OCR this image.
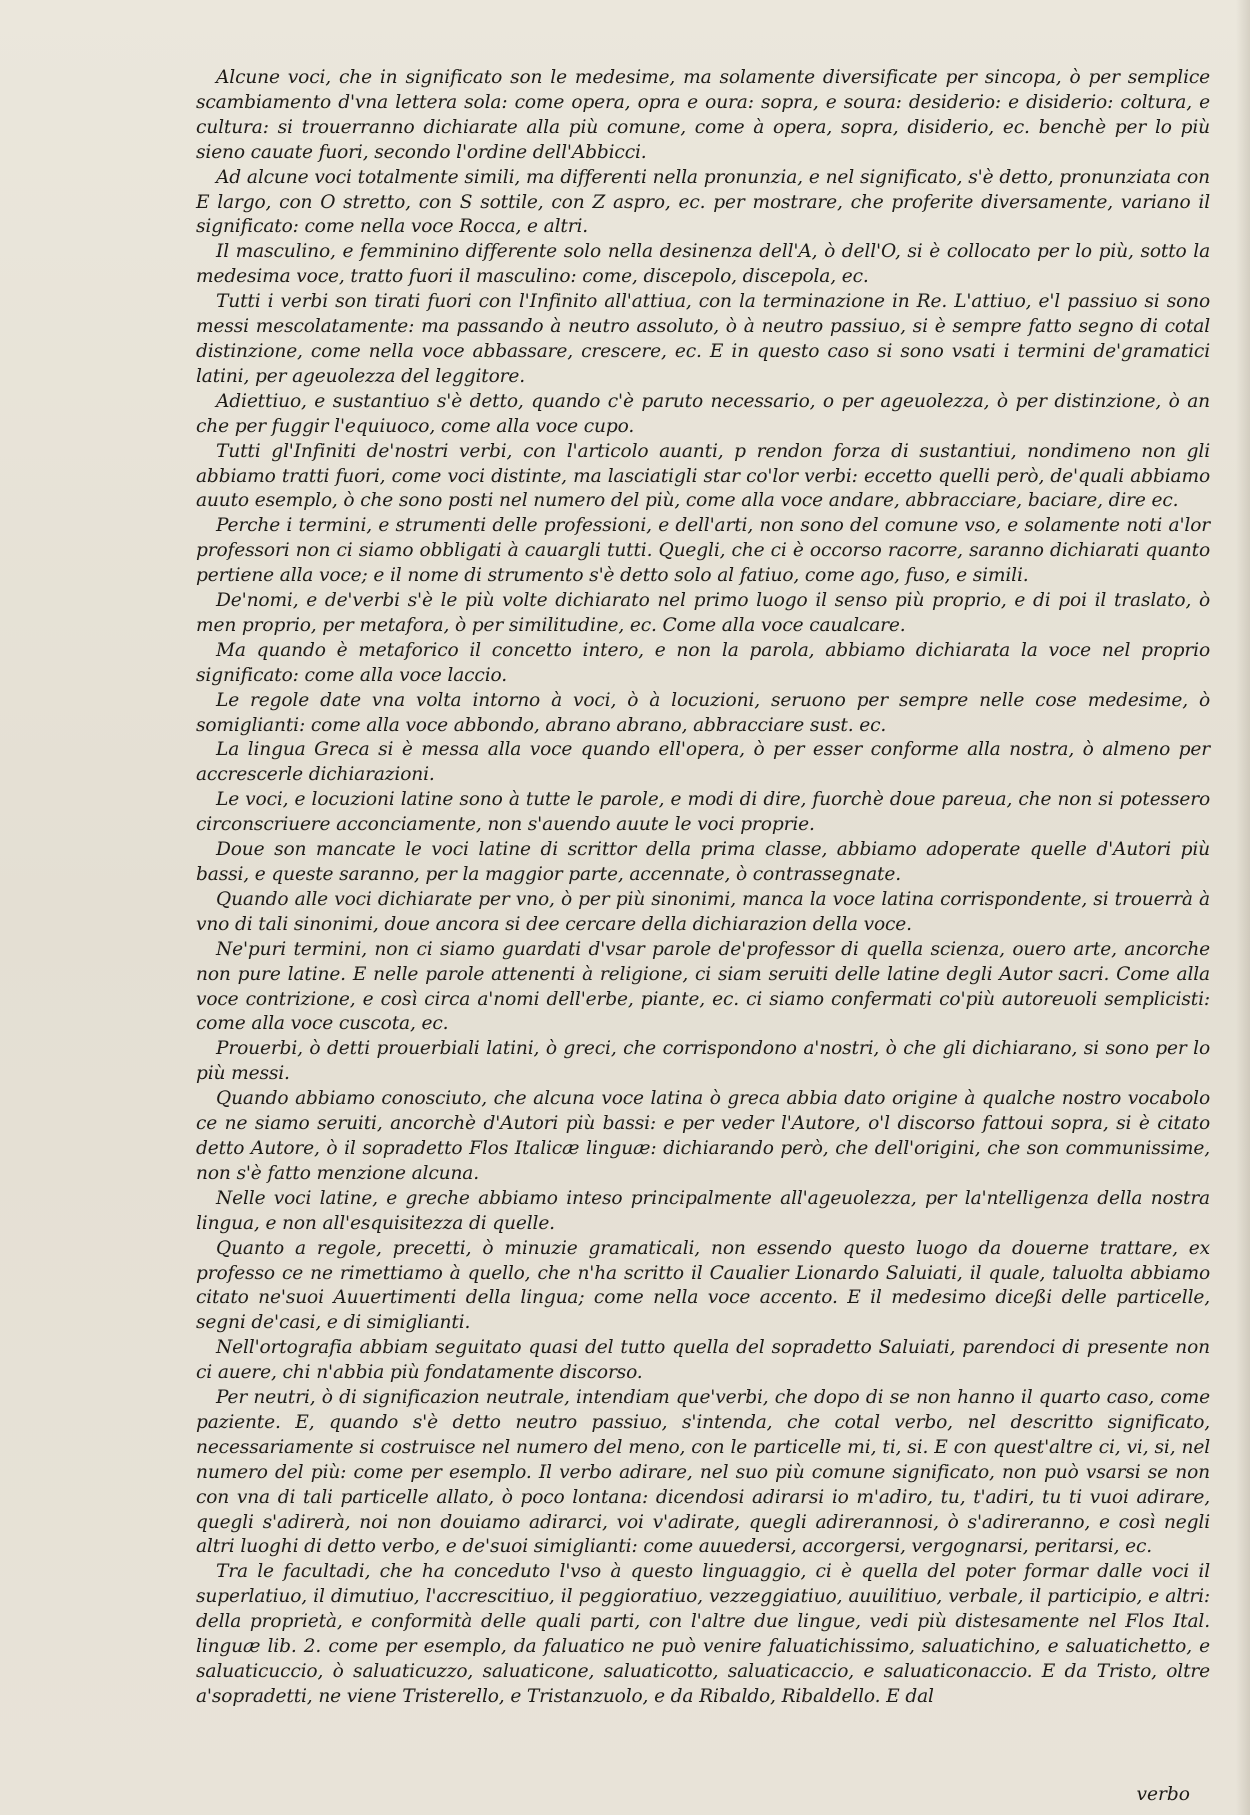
Alcune voci, che in significato son le medesime, ma solamente diversificate per sincopa, ò per semplice scambiamento d'vna lettera sola: come opera, opra e oura: sopra, e soura: desiderio: e disiderio: coltura, e cultura: si trouerranno dichiarate alla più comune, come à opera, sopra, disiderio, ec. benchè per lo più sieno cauate fuori, secondo l'ordine dell'Abbicci.

Ad alcune voci totalmente simili, ma differenti nella pronunzia, e nel significato, s'è detto, pronunziata con E largo, con O stretto, con S sottile, con Z aspro, ec. per mostrare, che proferite diversamente, variano il significato: come nella voce Rocca, e altri.

Il masculino, e femminino differente solo nella desinenza dell'A, ò dell'O, si è collocato per lo più, sotto la medesima voce, tratto fuori il masculino: come, discepolo, discepola, ec.

Tutti i verbi son tirati fuori con l'Infinito all'attiua, con la terminazione in Re. L'attiuo, e'l passiuo si sono messi mescolatamente: ma passando à neutro assoluto, ò à neutro passiuo, si è sempre fatto segno di cotal distinzione, come nella voce abbassare, crescere, ec. E in questo caso si sono vsati i termini de'gramatici latini, per ageuolezza del leggitore.

Adiettiuo, e sustantiuo s'è detto, quando c'è paruto necessario, o per ageuolezza, ò per distinzione, ò an che per fuggir l'equiuoco, come alla voce cupo.

Tutti gl'Infiniti de'nostri verbi, con l'articolo auanti, p rendon forza di sustantiui, nondimeno non gli abbiamo tratti fuori, come voci distinte, ma lasciatigli star co'lor verbi: eccetto quelli però, de'quali abbiamo auuto esemplo, ò che sono posti nel numero del più, come alla voce andare, abbracciare, baciare, dire ec.

Perche i termini, e strumenti delle professioni, e dell'arti, non sono del comune vso, e solamente noti a'lor professori non ci siamo obbligati à cauargli tutti. Quegli, che ci è occorso racorre, saranno dichiarati quanto pertiene alla voce; e il nome di strumento s'è detto solo al fatiuo, come ago, fuso, e simili.

De'nomi, e de'verbi s'è le più volte dichiarato nel primo luogo il senso più proprio, e di poi il traslato, ò men proprio, per metafora, ò per similitudine, ec. Come alla voce caualcare.

Ma quando è metaforico il concetto intero, e non la parola, abbiamo dichiarata la voce nel proprio significato: come alla voce laccio.

Le regole date vna volta intorno à voci, ò à locuzioni, seruono per sempre nelle cose medesime, ò somiglianti: come alla voce abbondo, abrano abrano, abbracciare sust. ec.

La lingua Greca si è messa alla voce quando ell'opera, ò per esser conforme alla nostra, ò almeno per accrescerle dichiarazioni.

Le voci, e locuzioni latine sono à tutte le parole, e modi di dire, fuorchè doue pareua, che non si potessero circonscriuere acconciamente, non s'auendo auute le voci proprie.

Doue son mancate le voci latine di scrittor della prima classe, abbiamo adoperate quelle d'Autori più bassi, e queste saranno, per la maggior parte, accennate, ò contrassegnate.

Quando alle voci dichiarate per vno, ò per più sinonimi, manca la voce latina corrispondente, si trouerrà à vno di tali sinonimi, doue ancora si dee cercare della dichiarazion della voce.

Ne'puri termini, non ci siamo guardati d'vsar parole de'professor di quella scienza, ouero arte, ancorche non pure latine. E nelle parole attenenti à religione, ci siam seruiti delle latine degli Autor sacri. Come alla voce contrizione, e così circa a'nomi dell'erbe, piante, ec. ci siamo confermati co'più autoreuoli semplicisti: come alla voce cuscota, ec.

Prouerbi, ò detti prouerbiali latini, ò greci, che corrispondono a'nostri, ò che gli dichiarano, si sono per lo più messi.

Quando abbiamo conosciuto, che alcuna voce latina ò greca abbia dato origine à qualche nostro vocabolo ce ne siamo seruiti, ancorchè d'Autori più bassi: e per veder l'Autore, o'l discorso fattoui sopra, si è citato detto Autore, ò il sopradetto Flos Italicæ linguæ: dichiarando però, che dell'origini, che son communissime, non s'è fatto menzione alcuna.

Nelle voci latine, e greche abbiamo inteso principalmente all'ageuolezza, per la'ntelligenza della nostra lingua, e non all'esquisitezza di quelle.

Quanto a regole, precetti, ò minuzie gramaticali, non essendo questo luogo da douerne trattare, ex professo ce ne rimettiamo à quello, che n'ha scritto il Caualier Lionardo Saluiati, il quale, taluolta abbiamo citato ne'suoi Auuertimenti della lingua; come nella voce accento. E il medesimo diceßi delle particelle, segni de'casi, e di simiglianti.

Nell'ortografia abbiam seguitato quasi del tutto quella del sopradetto Saluiati, parendoci di presente non ci auere, chi n'abbia più fondatamente discorso.

Per neutri, ò di significazion neutrale, intendiam que'verbi, che dopo di se non hanno il quarto caso, come paziente. E, quando s'è detto neutro passiuo, s'intenda, che cotal verbo, nel descritto significato, necessariamente si costruisce nel numero del meno, con le particelle mi, ti, si. E con quest'altre ci, vi, si, nel numero del più: come per esemplo. Il verbo adirare, nel suo più comune significato, non può vsarsi se non con vna di tali particelle allato, ò poco lontana: dicendosi adirarsi io m'adiro, tu, t'adiri, tu ti vuoi adirare, quegli s'adirerà, noi non douiamo adirarci, voi v'adirate, quegli adirerannosi, ò s'adireranno, e così negli altri luoghi di detto verbo, e de'suoi simiglianti: come auuedersi, accorgersi, vergognarsi, peritarsi, ec.

Tra le facultadi, che ha conceduto l'vso à questo linguaggio, ci è quella del poter formar dalle voci il superlatiuo, il dimutiuo, l'accrescitiuo, il peggioratiuo, vezzeggiatiuo, auuilitiuo, verbale, il participio, e altri: della proprietà, e conformità delle quali parti, con l'altre due lingue, vedi più distesamente nel Flos Ital. linguæ lib. 2. come per esemplo, da faluatico ne può venire faluatichissimo, saluatichino, e saluatichetto, e saluaticuccio, ò saluaticuzzo, saluaticone, saluaticotto, saluaticaccio, e saluaticonaccio. E da Tristo, oltre a'sopradetti, ne viene Tristerello, e Tristanzuolo, e da Ribaldo, Ribaldello. E dal

verbo
